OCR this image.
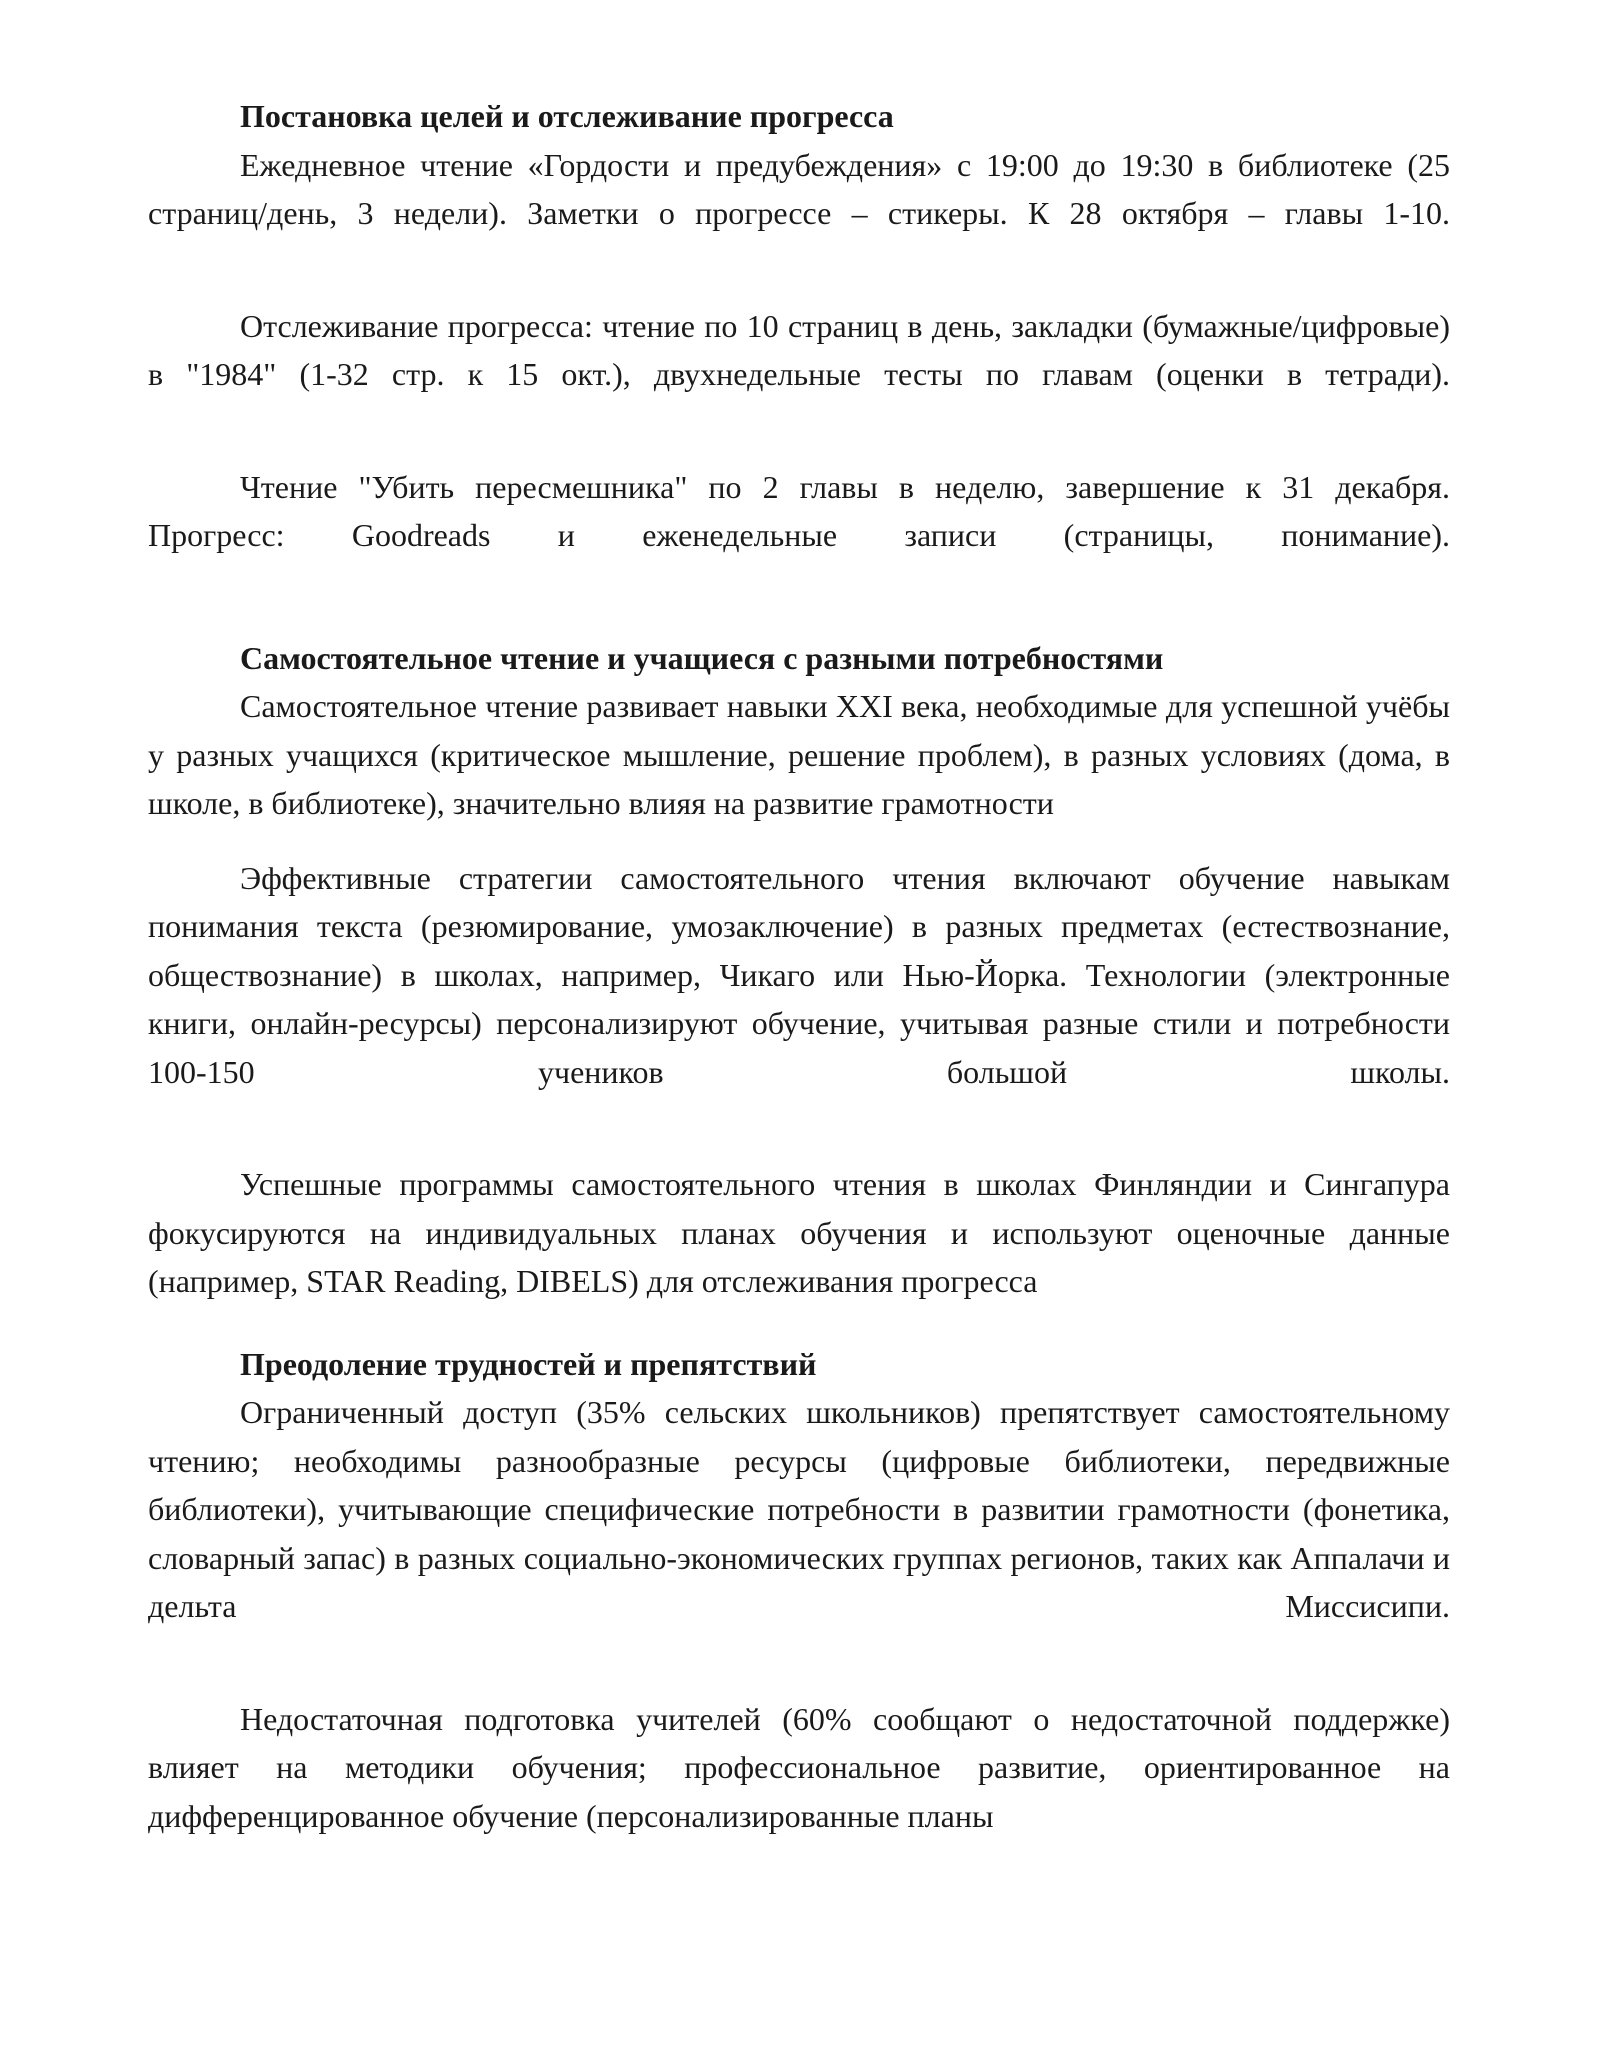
Постановка целей и отслеживание прогресса

Ежедневное чтение «Гордости и предубеждения» с 19:00 до 19:30 в библиотеке (25 страниц/день, 3 недели). Заметки о прогрессе – стикеры. К 28 октября – главы 1-10.

Отслеживание прогресса: чтение по 10 страниц в день, закладки (бумажные/цифровые) в "1984" (1-32 стр. к 15 окт.), двухнедельные тесты по главам (оценки в тетради).

Чтение "Убить пересмешника" по 2 главы в неделю, завершение к 31 декабря. Прогресс: Goodreads и еженедельные записи (страницы, понимание).

Самостоятельное чтение и учащиеся с разными потребностями

Самостоятельное чтение развивает навыки XXI века, необходимые для успешной учёбы у разных учащихся (критическое мышление, решение проблем), в разных условиях (дома, в школе, в библиотеке), значительно влияя на развитие грамотности

Эффективные стратегии самостоятельного чтения включают обучение навыкам понимания текста (резюмирование, умозаключение) в разных предметах (естествознание, обществознание) в школах, например, Чикаго или Нью-Йорка. Технологии (электронные книги, онлайн-ресурсы) персонализируют обучение, учитывая разные стили и потребности 100-150 учеников большой школы.

Успешные программы самостоятельного чтения в школах Финляндии и Сингапура фокусируются на индивидуальных планах обучения и используют оценочные данные (например, STAR Reading, DIBELS) для отслеживания прогресса

Преодоление трудностей и препятствий

Ограниченный доступ (35% сельских школьников) препятствует самостоятельному чтению; необходимы разнообразные ресурсы (цифровые библиотеки, передвижные библиотеки), учитывающие специфические потребности в развитии грамотности (фонетика, словарный запас) в разных социально-экономических группах регионов, таких как Аппалачи и дельта Миссисипи.

Недостаточная подготовка учителей (60% сообщают о недостаточной поддержке) влияет на методики обучения; профессиональное развитие, ориентированное на дифференцированное обучение (персонализированные планы
